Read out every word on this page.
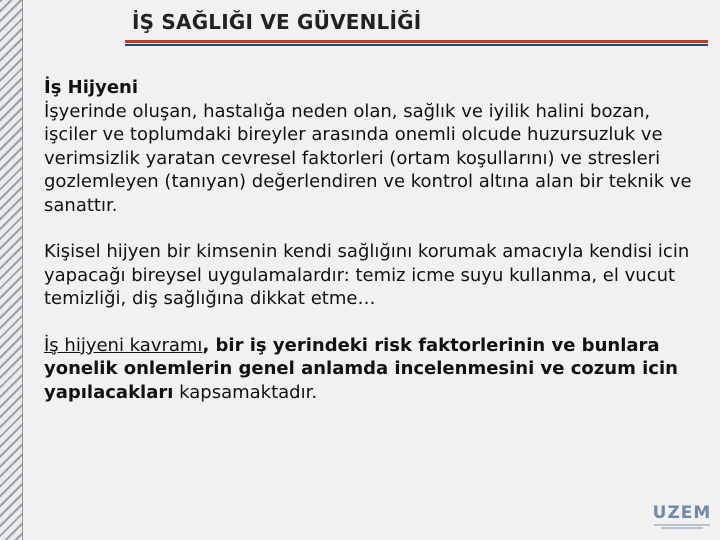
İŞ SAĞLIĞI VE GÜVENLİĞİ

İş Hijyeni

İşyerinde oluşan, hastalığa neden olan, sağlık ve iyilik halini bozan, işciler ve toplumdaki bireyler arasında onemli olcude huzursuzluk ve verimsizlik yaratan cevresel faktorleri (ortam koşullarını) ve stresleri gozlemleyen (tanıyan) değerlendiren ve kontrol altına alan bir teknik ve sanattır.

Kişisel hijyen bir kimsenin kendi sağlığını korumak amacıyla kendisi icin yapacağı bireysel uygulamalardır: temiz icme suyu kullanma, el vucut temizliği, diş sağlığına dikkat etme…

İş hijyeni kavramı, bir iş yerindeki risk faktorlerinin ve bunlara yonelik onlemlerin genel anlamda incelenmesini ve cozum icin yapılacakları kapsamaktadır.

UZEM
